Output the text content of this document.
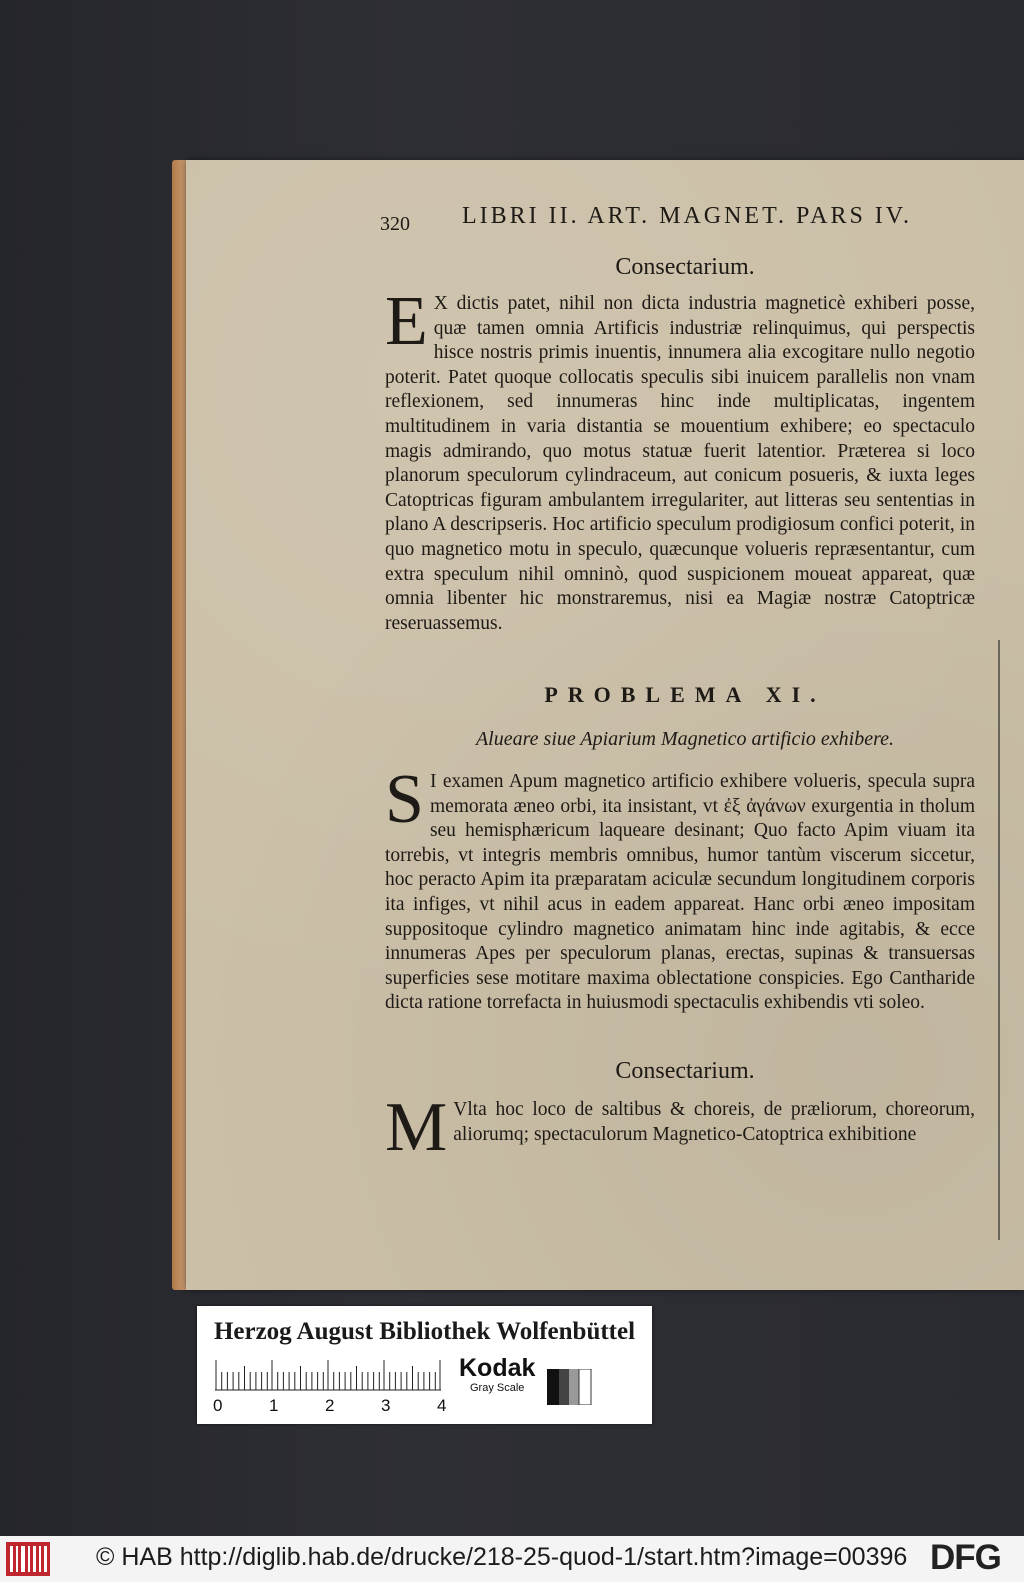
320 LIBRI II. ART. MAGNET. PARS IV.
Consectarium.
E X dictis patet, nihil non dicta industria magneticè exhiberi posse, quæ tamen omnia Artificis industriæ relinquimus, qui perspectis hisce nostris primis inuentis, innumera alia excogitare nullo negotio poterit. Patet quoque collocatis speculis sibi inuicem parallelis non vnam reflexionem, sed innumeras hinc inde multiplicatas, ingentem multitudinem in varia distantia se mouentium exhibere; eo spectaculo magis admirando, quo motus statuæ fuerit latentior. Præterea si loco planorum speculorum cylindraceum, aut conicum posueris, & iuxta leges Catoptricas figuram ambulantem irregulariter, aut litteras seu sententias in plano A descripseris. Hoc artificio speculum prodigiosum confici poterit, in quo magnetico motu in speculo, quæcunque volueris repræsentantur, cum extra speculum nihil omninò, quod suspicionem moueat appareat, quæ omnia libenter hic monstraremus, nisi ea Magiæ nostræ Catoptricæ reseruassemus.
PROBLEMA XI.
Alueare siue Apiarium Magnetico artificio exhibere.
S I examen Apum magnetico artificio exhibere volueris, specula supra memorata æneo orbi, ita insistant, vt ἐξ ἀγάνων exurgentia in tholum seu hemisphæricum laqueare desinant; Quo facto Apim viuam ita torrebis, vt integris membris omnibus, humor tantùm viscerum siccetur, hoc peracto Apim ita præparatam aciculæ secundum longitudinem corporis ita infiges, vt nihil acus in eadem appareat. Hanc orbi æneo impositam suppositoque cylindro magnetico animatam hinc inde agitabis, & ecce innumeras Apes per speculorum planas, erectas, supinas & transuersas superficies sese motitare maxima oblectatione conspicies. Ego Cantharide dicta ratione torrefacta in huiusmodi spectaculis exhibendis vti soleo.
Consectarium.
M Vlta hoc loco de saltibus & choreis, de præliorum, choreorum, aliorumq; spectaculorum Magnetico-Catoptrica exhibitione
Herzog August Bibliothek Wolfenbüttel
0	1	2	3	4
Kodak
Gray Scale
© HAB http://diglib.hab.de/drucke/218-25-quod-1/start.htm?image=00396 DFG
